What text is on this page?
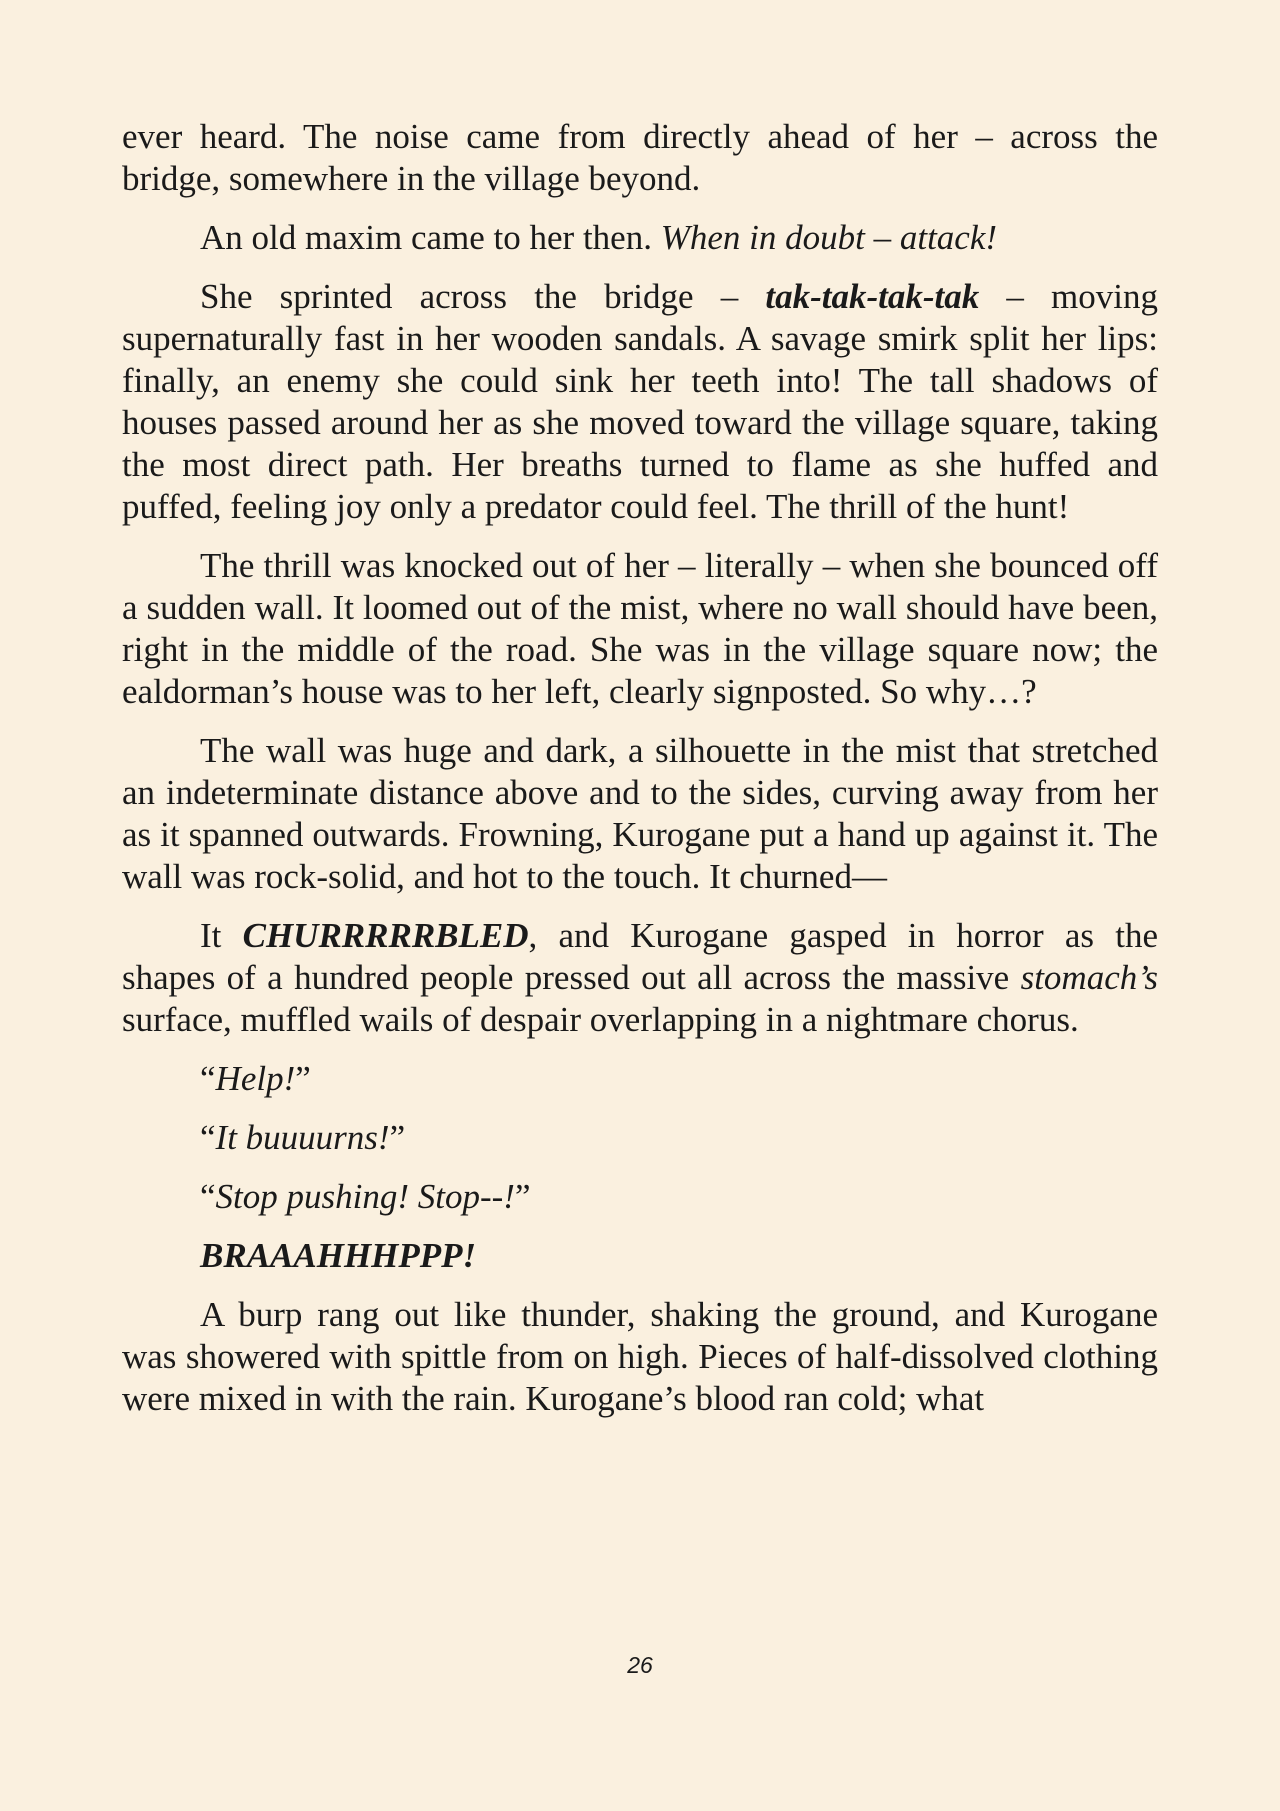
ever heard. The noise came from directly ahead of her – across the bridge, somewhere in the village beyond.

An old maxim came to her then. When in doubt – attack!

She sprinted across the bridge – tak-tak-tak-tak – moving supernaturally fast in her wooden sandals. A savage smirk split her lips: finally, an enemy she could sink her teeth into! The tall shadows of houses passed around her as she moved toward the village square, taking the most direct path. Her breaths turned to flame as she huffed and puffed, feeling joy only a predator could feel. The thrill of the hunt!

The thrill was knocked out of her – literally – when she bounced off a sudden wall. It loomed out of the mist, where no wall should have been, right in the middle of the road. She was in the village square now; the ealdorman’s house was to her left, clearly signposted. So why…?

The wall was huge and dark, a silhouette in the mist that stretched an indeterminate distance above and to the sides, curving away from her as it spanned outwards. Frowning, Kurogane put a hand up against it. The wall was rock-solid, and hot to the touch. It churned—

It CHURRRRRBLED, and Kurogane gasped in horror as the shapes of a hundred people pressed out all across the massive stomach’s surface, muffled wails of despair overlapping in a nightmare chorus.

“Help!”

“It buuuurns!”

“Stop pushing! Stop--!”

BRAAAHHHPPP!

A burp rang out like thunder, shaking the ground, and Kurogane was showered with spittle from on high. Pieces of half-dissolved clothing were mixed in with the rain. Kurogane’s blood ran cold; what

26
